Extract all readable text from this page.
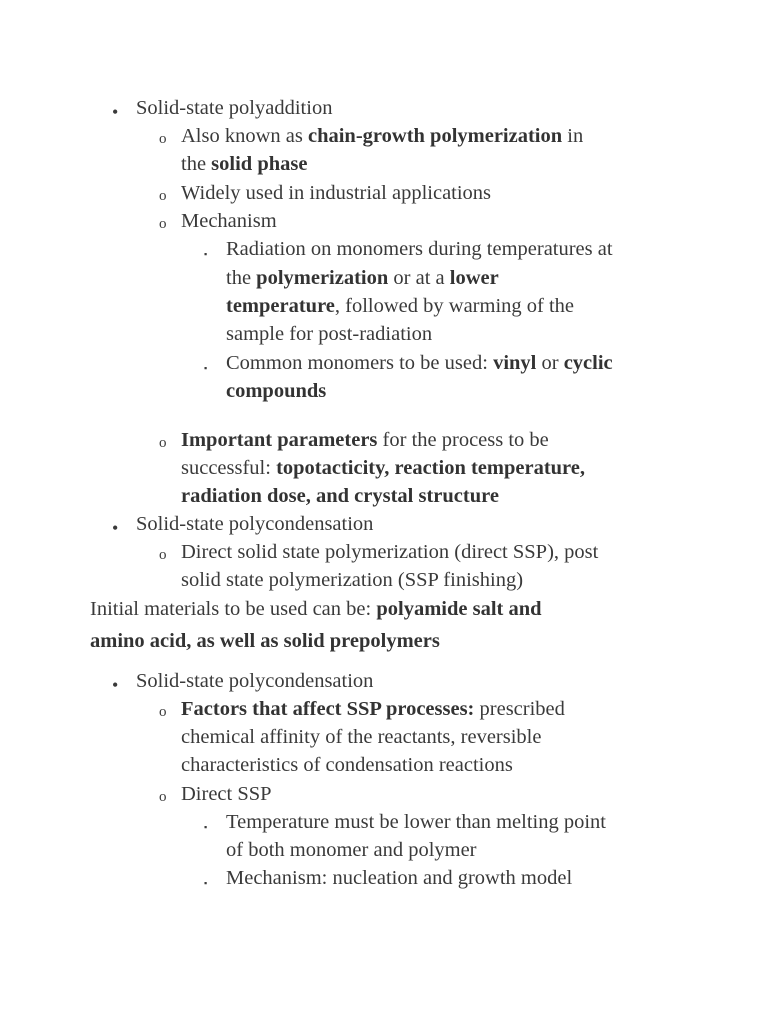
• Solid-state polyaddition
o Also known as chain-growth polymerization in
the solid phase
o Widely used in industrial applications
o Mechanism
▪ Radiation on monomers during temperatures at
the polymerization or at a lower
temperature, followed by warming of the
sample for post-radiation
▪ Common monomers to be used: vinyl or cyclic
compounds
o Important parameters for the process to be
successful: topotacticity, reaction temperature,
radiation dose, and crystal structure
• Solid-state polycondensation
o Direct solid state polymerization (direct SSP), post
solid state polymerization (SSP finishing)
Initial materials to be used can be: polyamide salt and
amino acid, as well as solid prepolymers
• Solid-state polycondensation
o Factors that affect SSP processes: prescribed
chemical affinity of the reactants, reversible
characteristics of condensation reactions
o Direct SSP
▪ Temperature must be lower than melting point
of both monomer and polymer
▪ Mechanism: nucleation and growth model
